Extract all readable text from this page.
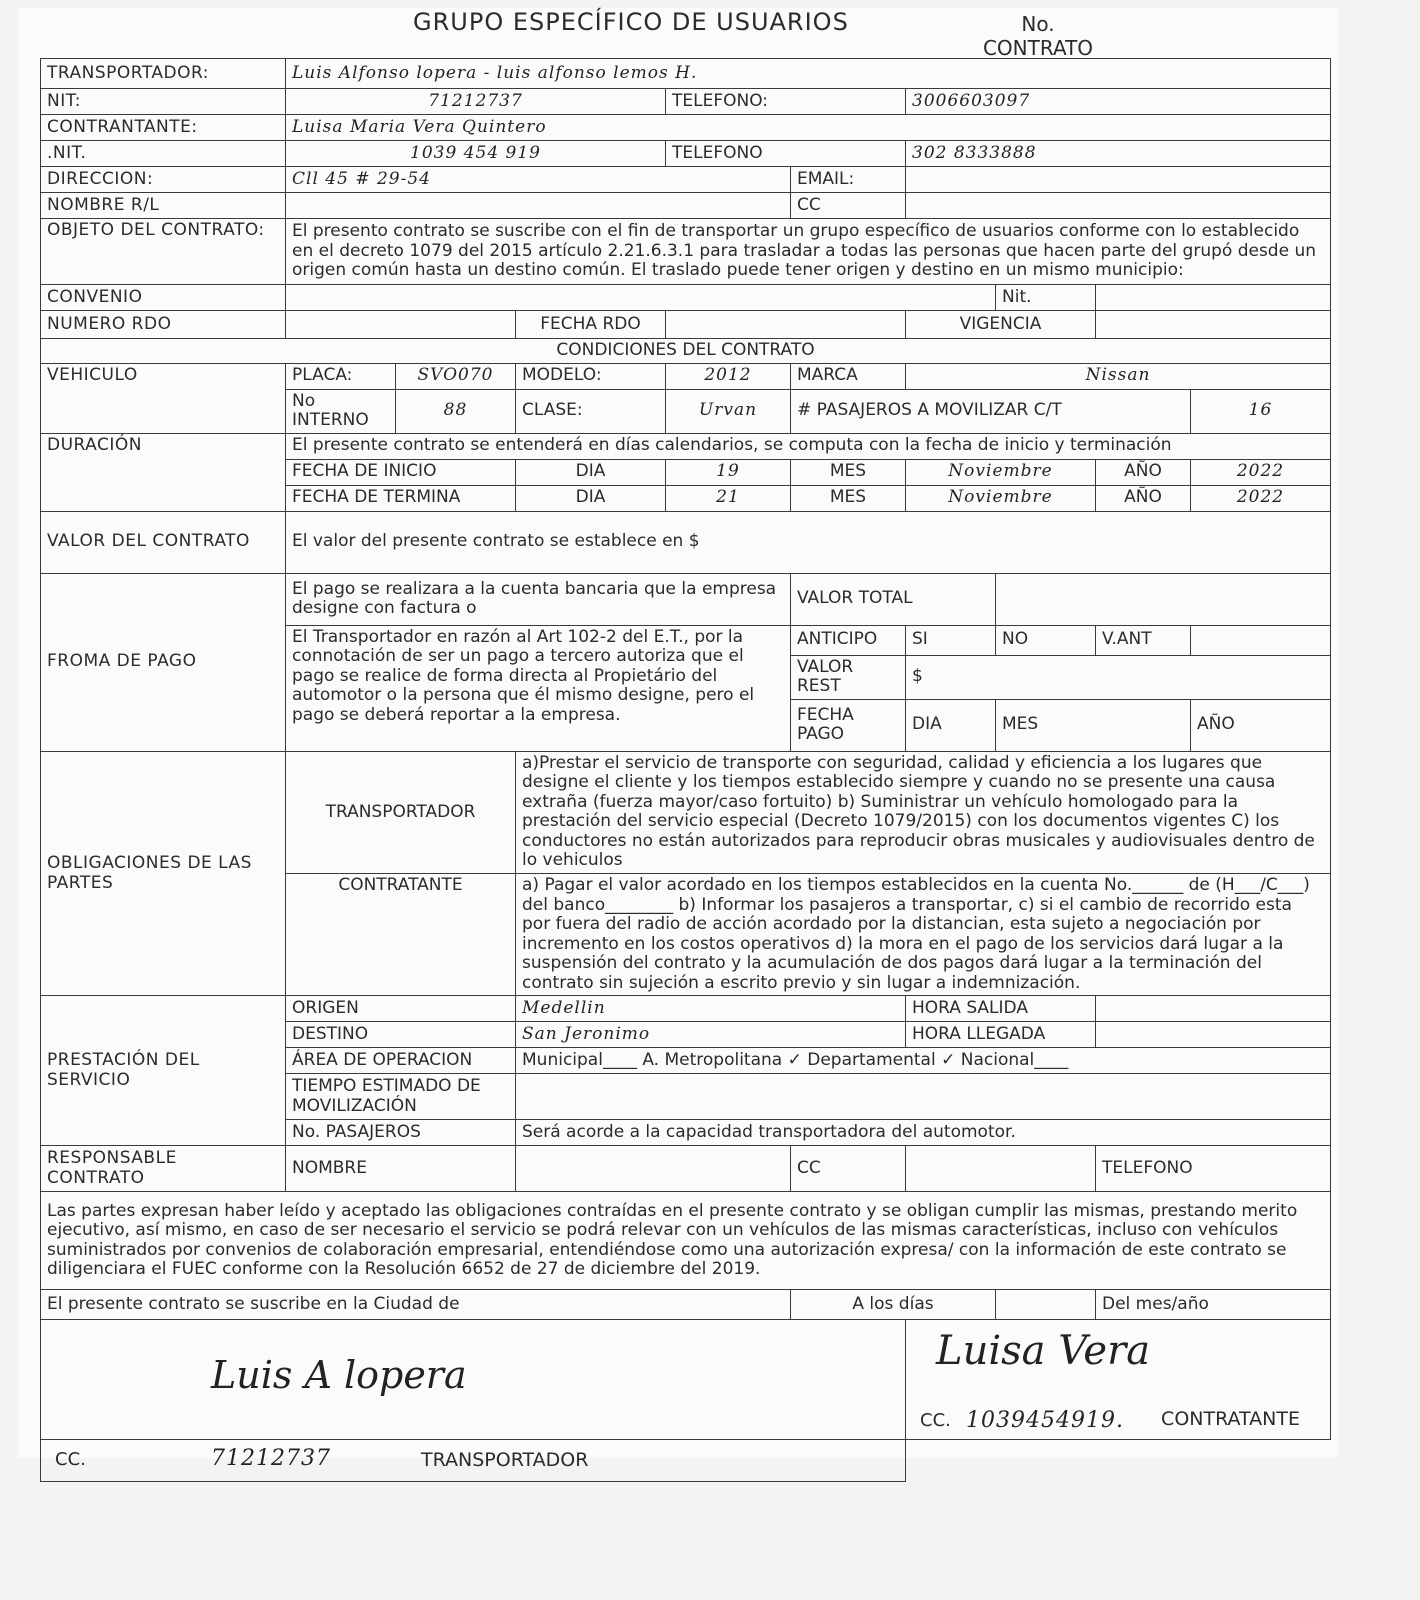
GRUPO ESPECÍFICO DE USUARIOS	No.
CONTRATO
TRANSPORTADOR:	Luis Alfonso lopera - luis alfonso lemos H.								
NIT:	71212737			TELEFONO:		3006603097			
CONTRANTANTE:	Luisa Maria Vera Quintero								
.NIT.	1039 454 919			TELEFONO		302 8333888			
DIRECCION:	Cll 45 # 29-54				EMAIL:				
NOMBRE R/L					CC				
OBJETO DEL CONTRATO:	El presento contrato se suscribe con el fin de transportar un grupo específico de usuarios conforme con lo establecido en el decreto 1079 del 2015 artículo 2.21.6.3.1 para trasladar a todas las personas que hacen parte del grupó desde un origen común hasta un destino común. El traslado puede tener origen y destino en un mismo municipio:								
CONVENIO							Nit.		
NUMERO RDO			FECHA RDO			VIGENCIA			
CONDICIONES DEL CONTRATO									
VEHICULO	PLACA:	SVO070	MODELO:	2012	MARCA	Nissan			
	No INTERNO	88	CLASE:	Urvan	# PASAJEROS A MOVILIZAR C/T				16
DURACIÓN	El presente contrato se entenderá en días calendarios, se computa con la fecha de inicio y terminación								
	FECHA DE INICIO		DIA	19	MES	Noviembre		AÑO	2022
	FECHA DE TERMINA		DIA	21	MES	Noviembre		AÑO	2022
VALOR DEL CONTRATO	El valor del presente contrato se establece en $								
FROMA DE PAGO	El pago se realizara a la cuenta bancaria que la empresa designe con factura o				VALOR TOTAL				
	El Transportador en razón al Art 102-2 del E.T., por la connotación de ser un pago a tercero autoriza que el pago se realice de forma directa al Propietário del automotor o la persona que él mismo designe, pero el pago se deberá reportar a la empresa.				ANTICIPO	SI	NO	V.ANT	
					VALOR REST	$			
					FECHA PAGO	DIA	MES		AÑO
OBLIGACIONES DE LAS PARTES	TRANSPORTADOR		a)Prestar el servicio de transporte con seguridad, calidad y eficiencia a los lugares que designe el cliente y los tiempos establecido siempre y cuando no se presente una causa extraña (fuerza mayor/caso fortuito) b) Suministrar un vehículo homologado para la prestación del servicio especial (Decreto 1079/2015) con los documentos vigentes C) los conductores no están autorizados para reproducir obras musicales y audiovisuales dentro de lo vehiculos						
	CONTRATANTE		a) Pagar el valor acordado en los tiempos establecidos en la cuenta No.______ de (H___/C___) del banco________ b) Informar los pasajeros a transportar, c) si el cambio de recorrido esta por fuera del radio de acción acordado por la distancian, esta sujeto a negociación por incremento en los costos operativos d) la mora en el pago de los servicios dará lugar a la suspensión del contrato y la acumulación de dos pagos dará lugar a la terminación del contrato sin sujeción a escrito previo y sin lugar a indemnización.						
PRESTACIÓN DEL SERVICIO	ORIGEN		Medellin			HORA SALIDA			
	DESTINO		San Jeronimo			HORA LLEGADA			
	ÁREA DE OPERACION		Municipal____ A. Metropolitana ✓ Departamental ✓ Nacional____						
	TIEMPO ESTIMADO DE MOVILIZACIÓN								
	No. PASAJEROS		Será acorde a la capacidad transportadora del automotor.						
RESPONSABLE CONTRATO	NOMBRE				CC			TELEFONO	
Las partes expresan haber leído y aceptado las obligaciones contraídas en el presente contrato y se obligan cumplir las mismas, prestando merito ejecutivo, así mismo, en caso de ser necesario el servicio se podrá relevar con un vehículos de las mismas características, incluso con vehículos suministrados por convenios de colaboración empresarial, entendiéndose como una autorización expresa/ con la información de este contrato se diligenciara el FUEC conforme con la Resolución 6652 de 27 de diciembre del 2019.									
El presente contrato se suscribe en la Ciudad de					A los días			Del mes/año	

Luis A lopera						Luisa Vera
CC. 1039454919. CONTRATANTE			

CC. 71212737 TRANSPORTADOR									
